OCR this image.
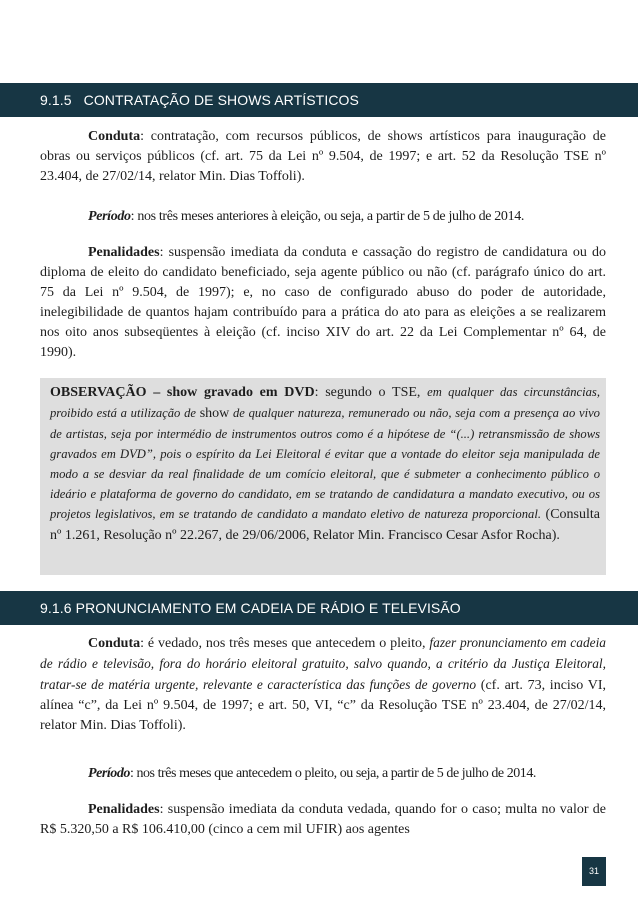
9.1.5   CONTRATAÇÃO DE SHOWS ARTÍSTICOS

Conduta: contratação, com recursos públicos, de shows artísticos para inauguração de obras ou serviços públicos (cf. art. 75 da Lei nº 9.504, de 1997; e art. 52 da Resolução TSE nº 23.404, de 27/02/14, relator Min. Dias Toffoli).

Período: nos três meses anteriores à eleição, ou seja, a partir de 5 de julho de 2014.

Penalidades: suspensão imediata da conduta e cassação do registro de candidatura ou do diploma de eleito do candidato beneficiado, seja agente público ou não (cf. parágrafo único do art. 75 da Lei nº 9.504, de 1997); e, no caso de configurado abuso do poder de autoridade, inelegibilidade de quantos hajam contribuído para a prática do ato para as eleições a se realizarem nos oito anos subseqüentes à eleição (cf. inciso XIV do art. 22 da Lei Complementar nº 64, de 1990).

OBSERVAÇÃO – show gravado em DVD: segundo o TSE, em qualquer das circunstâncias, proibido está a utilização de show de qualquer natureza, remunerado ou não, seja com a presença ao vivo de artistas, seja por intermédio de instrumentos outros como é a hipótese de “(...) retransmissão de shows gravados em DVD”, pois o espírito da Lei Eleitoral é evitar que a vontade do eleitor seja manipulada de modo a se desviar da real finalidade de um comício eleitoral, que é submeter a conhecimento público o ideário e plataforma de governo do candidato, em se tratando de candidatura a mandato executivo, ou os projetos legislativos, em se tratando de candidato a mandato eletivo de natureza proporcional. (Consulta nº 1.261, Resolução nº 22.267, de 29/06/2006, Relator Min. Francisco Cesar Asfor Rocha).

9.1.6 PRONUNCIAMENTO EM CADEIA DE RÁDIO E TELEVISÃO

Conduta: é vedado, nos três meses que antecedem o pleito, fazer pronunciamento em cadeia de rádio e televisão, fora do horário eleitoral gratuito, salvo quando, a critério da Justiça Eleitoral, tratar-se de matéria urgente, relevante e característica das funções de governo (cf. art. 73, inciso VI, alínea “c”, da Lei nº 9.504, de 1997; e art. 50, VI, “c” da Resolução TSE nº 23.404, de 27/02/14, relator Min. Dias Toffoli).

Período: nos três meses que antecedem o pleito, ou seja, a partir de 5 de julho de 2014.

Penalidades: suspensão imediata da conduta vedada, quando for o caso; multa no valor de R$ 5.320,50 a R$ 106.410,00 (cinco a cem mil UFIR) aos agentes

31
